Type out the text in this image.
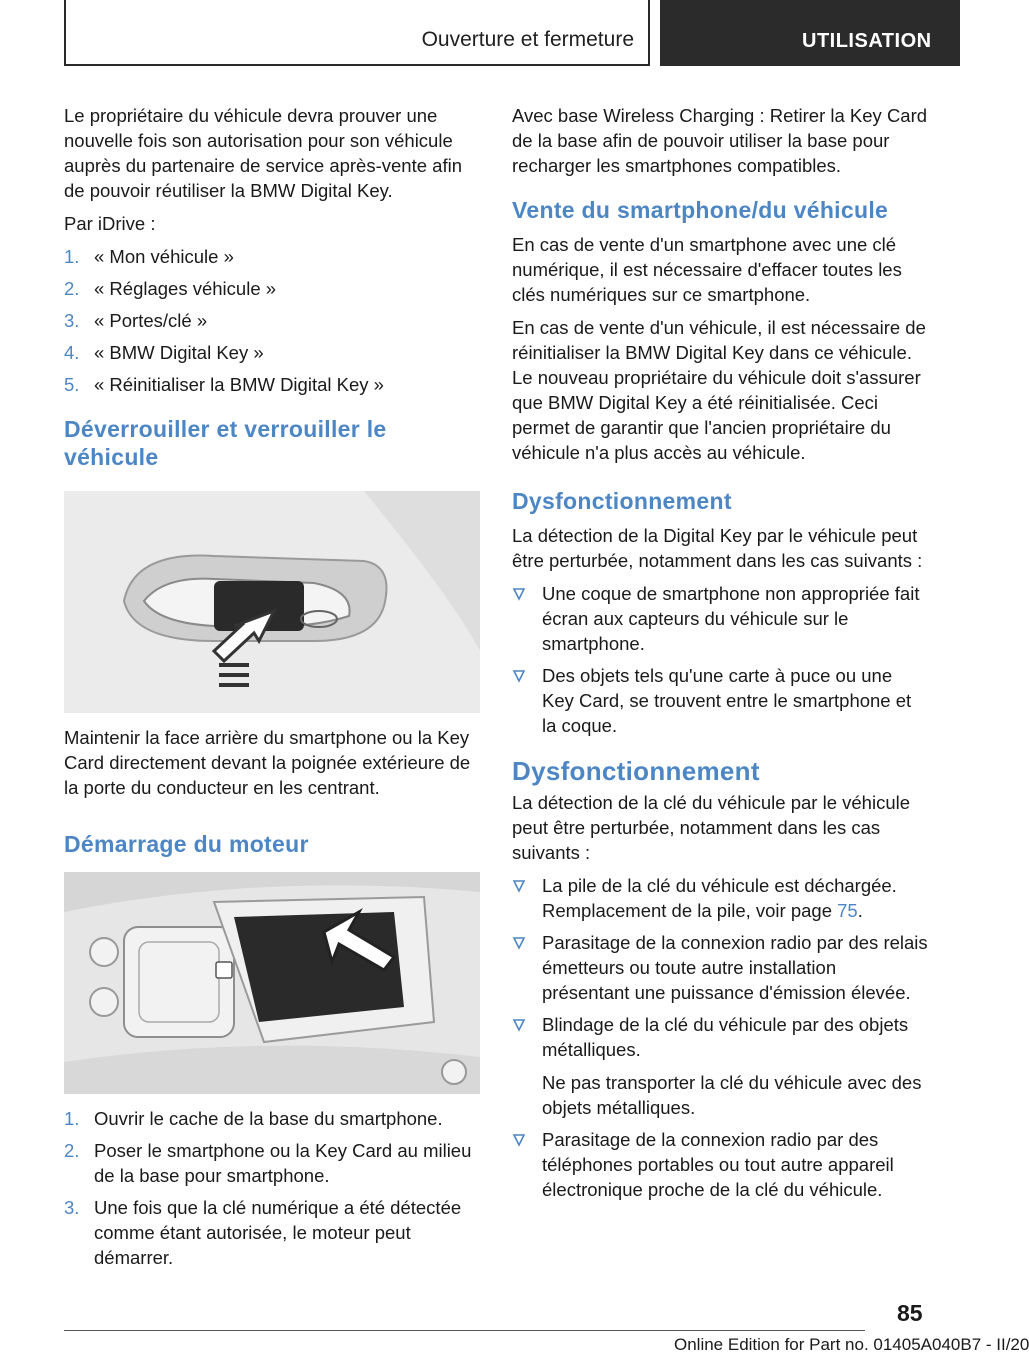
Ouverture et fermeture	UTILISATION

Le propriétaire du véhicule devra prouver une nouvelle fois son autorisation pour son véhicule auprès du partenaire de service après-vente afin de pouvoir réutiliser la BMW Digital Key.

Par iDrive :

1. « Mon véhicule »
2. « Réglages véhicule »
3. « Portes/clé »
4. « BMW Digital Key »
5. « Réinitialiser la BMW Digital Key »
Déverrouiller et verrouiller le véhicule

Maintenir la face arrière du smartphone ou la Key Card directement devant la poignée extérieure de la porte du conducteur en les centrant.

Démarrage du moteur
1. Ouvrir le cache de la base du smartphone.
2. Poser le smartphone ou la Key Card au milieu de la base pour smartphone.
3. Une fois que la clé numérique a été détectée comme étant autorisée, le moteur peut démarrer.

Avec base Wireless Charging : Retirer la Key Card de la base afin de pouvoir utiliser la base pour recharger les smartphones compatibles.

Vente du smartphone/du véhicule

En cas de vente d'un smartphone avec une clé numérique, il est nécessaire d'effacer toutes les clés numériques sur ce smartphone.

En cas de vente d'un véhicule, il est nécessaire de réinitialiser la BMW Digital Key dans ce véhicule. Le nouveau propriétaire du véhicule doit s'assurer que BMW Digital Key a été réinitialisée. Ceci permet de garantir que l'ancien propriétaire du véhicule n'a plus accès au véhicule.

Dysfonctionnement

La détection de la Digital Key par le véhicule peut être perturbée, notamment dans les cas suivants :

Une coque de smartphone non appropriée fait écran aux capteurs du véhicule sur le smartphone.
Des objets tels qu'une carte à puce ou une Key Card, se trouvent entre le smartphone et la coque.
Dysfonctionnement

La détection de la clé du véhicule par le véhicule peut être perturbée, notamment dans les cas suivants :

La pile de la clé du véhicule est déchargée. Remplacement de la pile, voir page 75.
Parasitage de la connexion radio par des relais émetteurs ou toute autre installation présentant une puissance d'émission élevée.
Blindage de la clé du véhicule par des objets métalliques.

Ne pas transporter la clé du véhicule avec des objets métalliques.

Parasitage de la connexion radio par des téléphones portables ou tout autre appareil électronique proche de la clé du véhicule.
85
Online Edition for Part no. 01405A040B7 - II/20
